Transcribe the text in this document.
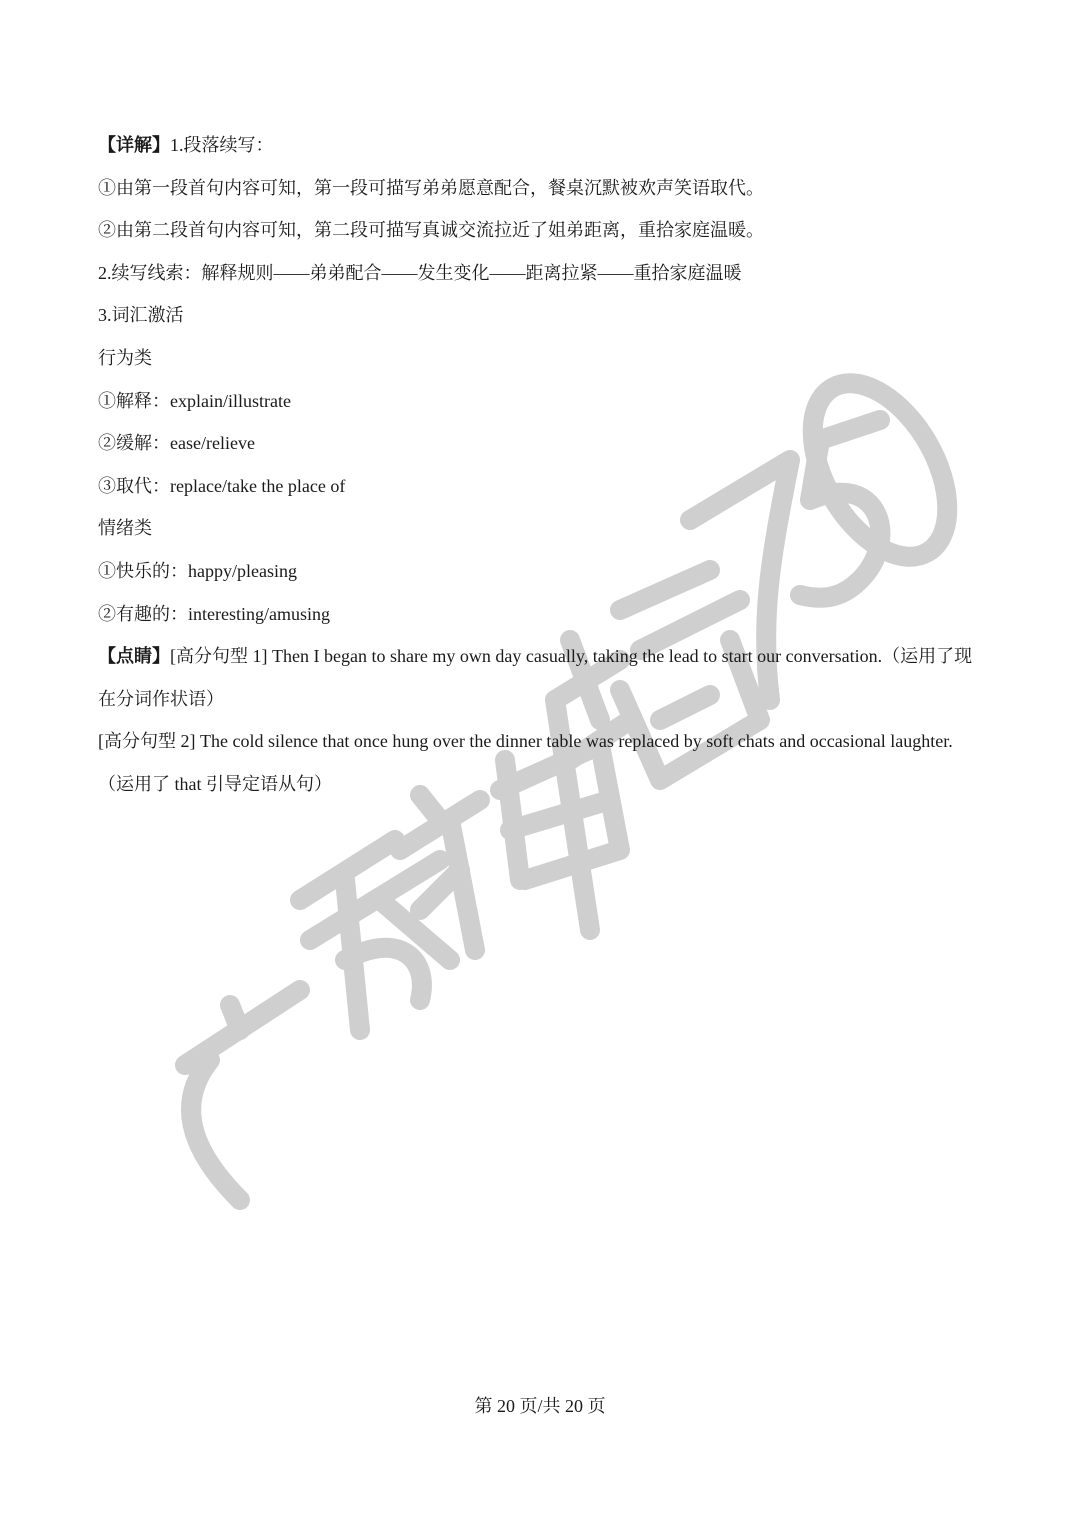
【详解】1.段落续写：
①由第一段首句内容可知，第一段可描写弟弟愿意配合，餐桌沉默被欢声笑语取代。
②由第二段首句内容可知，第二段可描写真诚交流拉近了姐弟距离，重拾家庭温暖。
2.续写线索：解释规则——弟弟配合——发生变化——距离拉紧——重拾家庭温暖
3.词汇激活
行为类
①解释：explain/illustrate
②缓解：ease/relieve
③取代：replace/take the place of
情绪类
①快乐的：happy/pleasing
②有趣的：interesting/amusing
【点睛】[高分句型 1] Then I began to share my own day casually, taking the lead to start our conversation.（运用了现在分词作状语）
[高分句型 2] The cold silence that once hung over the dinner table was replaced by soft chats and occasional laughter.（运用了 that 引导定语从句）
第 20 页/共 20 页
